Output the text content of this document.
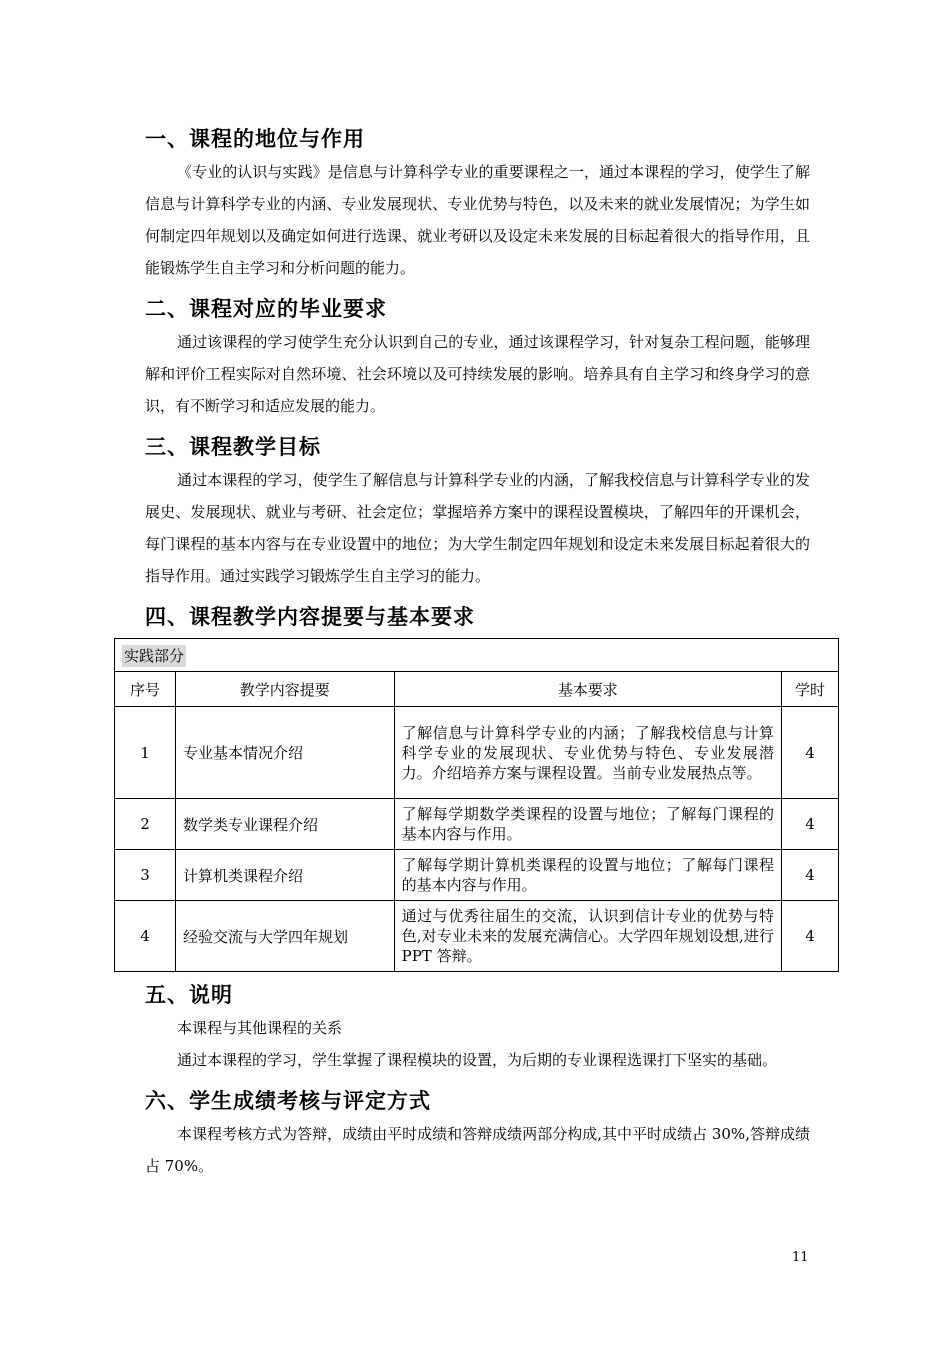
一、课程的地位与作用

《专业的认识与实践》是信息与计算科学专业的重要课程之一，通过本课程的学习，使学生了解信息与计算科学专业的内涵、专业发展现状、专业优势与特色，以及未来的就业发展情况；为学生如何制定四年规划以及确定如何进行选课、就业考研以及设定未来发展的目标起着很大的指导作用，且能锻炼学生自主学习和分析问题的能力。

二、课程对应的毕业要求

通过该课程的学习使学生充分认识到自己的专业，通过该课程学习，针对复杂工程问题，能够理解和评价工程实际对自然环境、社会环境以及可持续发展的影响。培养具有自主学习和终身学习的意识，有不断学习和适应发展的能力。

三、课程教学目标

通过本课程的学习，使学生了解信息与计算科学专业的内涵，了解我校信息与计算科学专业的发展史、发展现状、就业与考研、社会定位；掌握培养方案中的课程设置模块，了解四年的开课机会，每门课程的基本内容与在专业设置中的地位；为大学生制定四年规划和设定未来发展目标起着很大的指导作用。通过实践学习锻炼学生自主学习的能力。

四、课程教学内容提要与基本要求
实践部分			
序号	教学内容提要	基本要求	学时
1	专业基本情况介绍	了解信息与计算科学专业的内涵；了解我校信息与计算科学专业的发展现状、专业优势与特色、专业发展潜力。介绍培养方案与课程设置。当前专业发展热点等。	4
2	数学类专业课程介绍	了解每学期数学类课程的设置与地位；了解每门课程的基本内容与作用。	4
3	计算机类课程介绍	了解每学期计算机类课程的设置与地位；了解每门课程的基本内容与作用。	4
4	经验交流与大学四年规划	通过与优秀往届生的交流，认识到信计专业的优势与特色,对专业未来的发展充满信心。大学四年规划设想,进行 PPT 答辩。	4
五、说明

本课程与其他课程的关系

通过本课程的学习，学生掌握了课程模块的设置，为后期的专业课程选课打下坚实的基础。

六、学生成绩考核与评定方式

本课程考核方式为答辩，成绩由平时成绩和答辩成绩两部分构成,其中平时成绩占 30%,答辩成绩占 70%。

11
